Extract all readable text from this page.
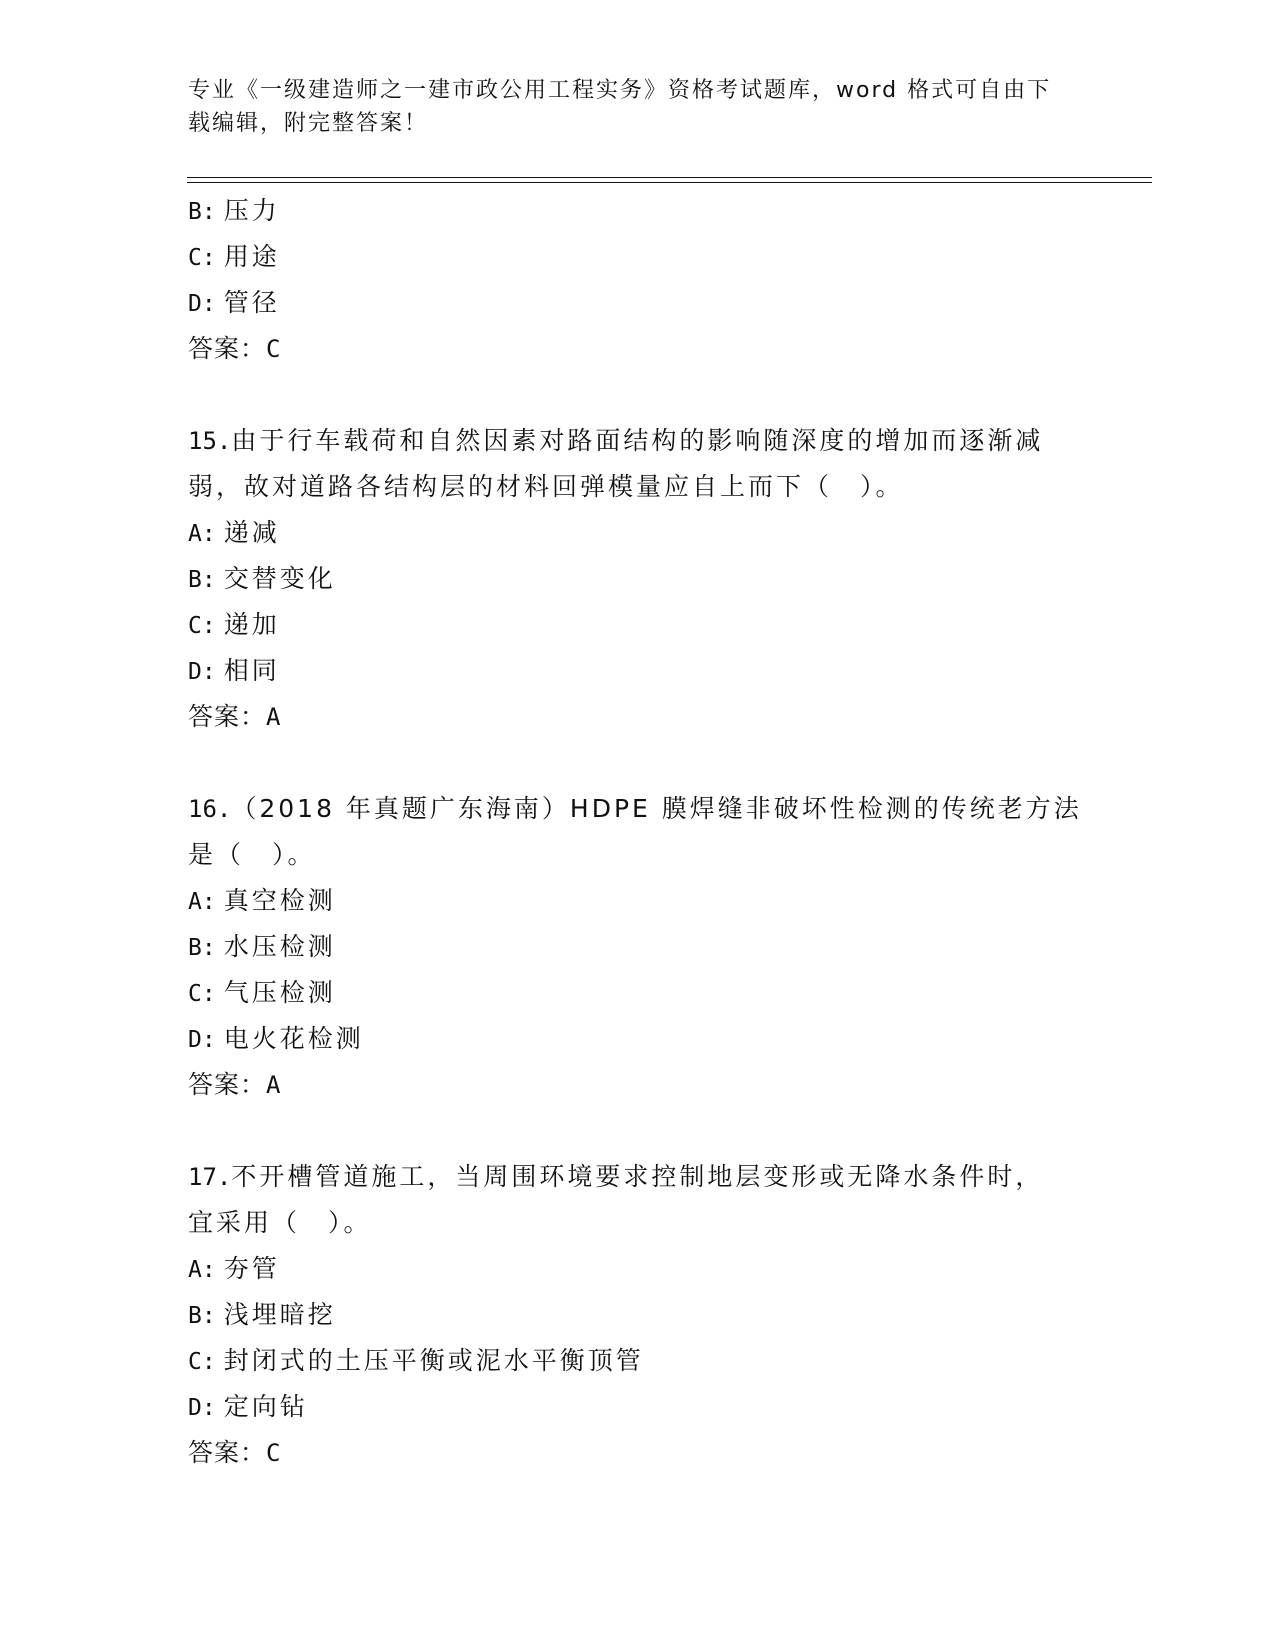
专业《一级建造师之一建市政公用工程实务》资格考试题库，word 格式可自由下
载编辑，附完整答案！
B: 压力
C: 用途
D: 管径
答案：C
15.由于行车载荷和自然因素对路面结构的影响随深度的增加而逐渐减
弱，故对道路各结构层的材料回弹模量应自上而下（　）。
A: 递减
B: 交替变化
C: 递加
D: 相同
答案：A
16.（2018 年真题广东海南）HDPE 膜焊缝非破坏性检测的传统老方法
是（　）。
A: 真空检测
B: 水压检测
C: 气压检测
D: 电火花检测
答案：A
17.不开槽管道施工，当周围环境要求控制地层变形或无降水条件时，
宜采用（　）。
A: 夯管
B: 浅埋暗挖
C: 封闭式的土压平衡或泥水平衡顶管
D: 定向钻
答案：C
